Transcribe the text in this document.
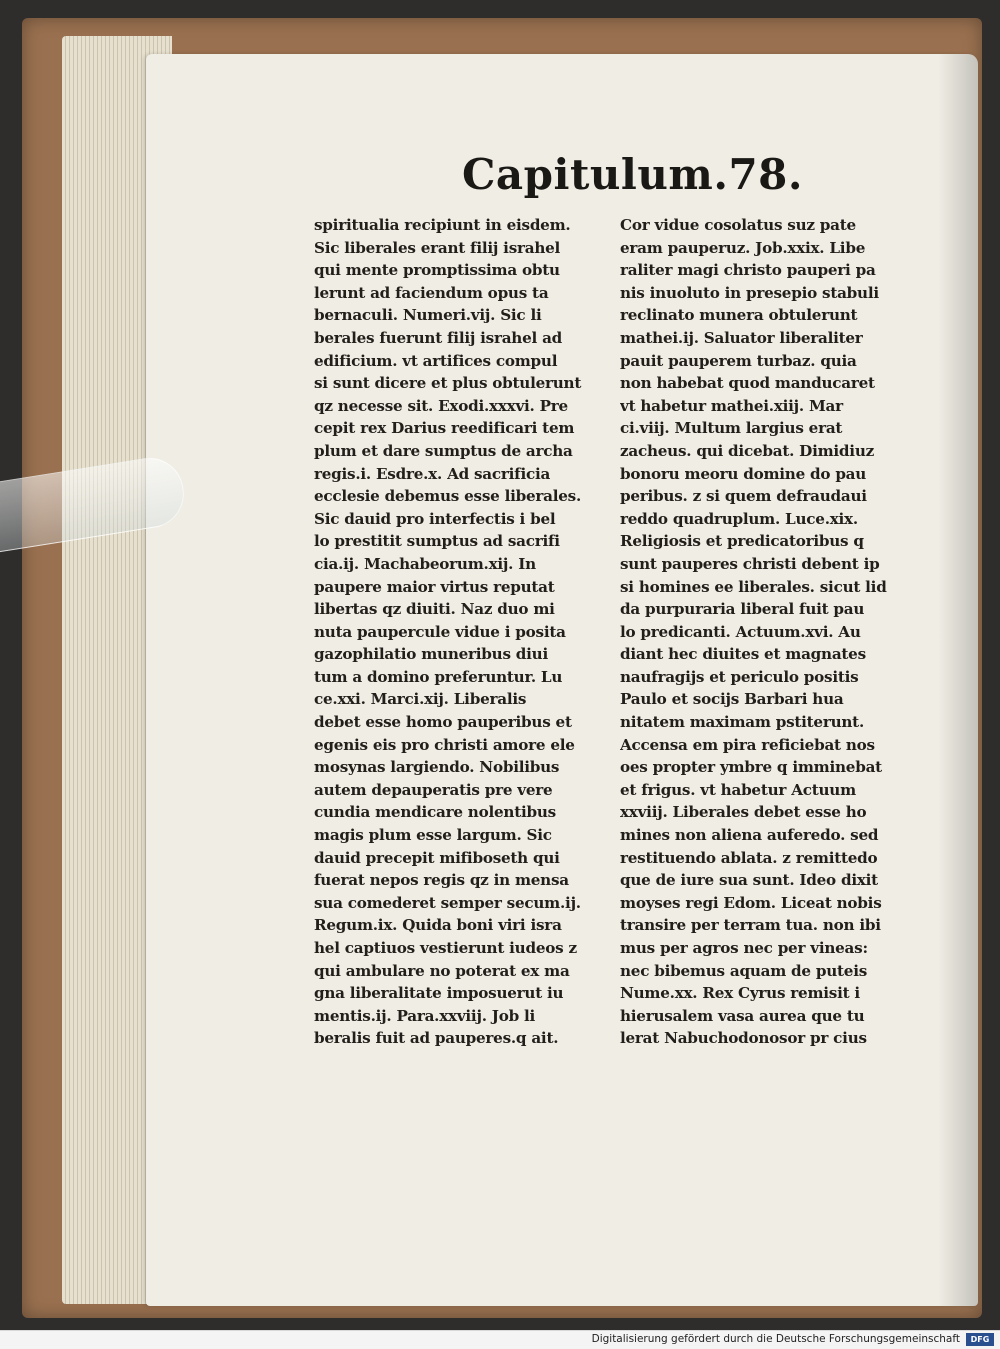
Capitulum.78.
spiritualia recipiunt in eisdem.
Sic liberales erant filij israhel
qui mente promptissima obtu
lerunt ad faciendum opus ta
bernaculi. Numeri.vij. Sic li
berales fuerunt filij israhel ad
edificium. vt artifices compul
si sunt dicere et plus obtulerunt
qz necesse sit. Exodi.xxxvi. Pre
cepit rex Darius reedificari tem
plum et dare sumptus de archa
regis.i. Esdre.x. Ad sacrificia
ecclesie debemus esse liberales.
Sic dauid pro interfectis i bel
lo prestitit sumptus ad sacrifi
cia.ij. Machabeorum.xij. In
paupere maior virtus reputat
libertas qz diuiti. Naz duo mi
nuta paupercule vidue i posita
gazophilatio muneribus diui
tum a domino preferuntur. Lu
ce.xxi. Marci.xij. Liberalis
debet esse homo pauperibus et
egenis eis pro christi amore ele
mosynas largiendo. Nobilibus
autem depauperatis pre vere
cundia mendicare nolentibus
magis plum esse largum. Sic
dauid precepit mifiboseth qui
fuerat nepos regis qz in mensa
sua comederet semper secum.ij.
Regum.ix. Quida boni viri isra
hel captiuos vestierunt iudeos z
qui ambulare no poterat ex ma
gna liberalitate imposuerut iu
mentis.ij. Para.xxviij. Job li
beralis fuit ad pauperes.q ait.
Cor vidue cosolatus suz pate
eram pauperuz. Job.xxix. Libe
raliter magi christo pauperi pa
nis inuoluto in presepio stabuli
reclinato munera obtulerunt
mathei.ij. Saluator liberaliter
pauit pauperem turbaz. quia
non habebat quod manducaret
vt habetur mathei.xiij. Mar
ci.viij. Multum largius erat
zacheus. qui dicebat. Dimidiuz
bonoru meoru domine do pau
peribus. z si quem defraudaui
reddo quadruplum. Luce.xix.
Religiosis et predicatoribus q
sunt pauperes christi debent ip
si homines ee liberales. sicut lid
da purpuraria liberal fuit pau
lo predicanti. Actuum.xvi. Au
diant hec diuites et magnates
naufragijs et periculo positis
Paulo et socijs Barbari hua
nitatem maximam pstiterunt.
Accensa em pira reficiebat nos
oes propter ymbre q imminebat
et frigus. vt habetur Actuum
xxviij. Liberales debet esse ho
mines non aliena auferedo. sed
restituendo ablata. z remittedo
que de iure sua sunt. Ideo dixit
moyses regi Edom. Liceat nobis
transire per terram tua. non ibi
mus per agros nec per vineas:
nec bibemus aquam de puteis
Nume.xx. Rex Cyrus remisit i
hierusalem vasa aurea que tu
lerat Nabuchodonosor pr cius

Digitalisierung gefördert durch die Deutsche Forschungsgemeinschaft	DFG
